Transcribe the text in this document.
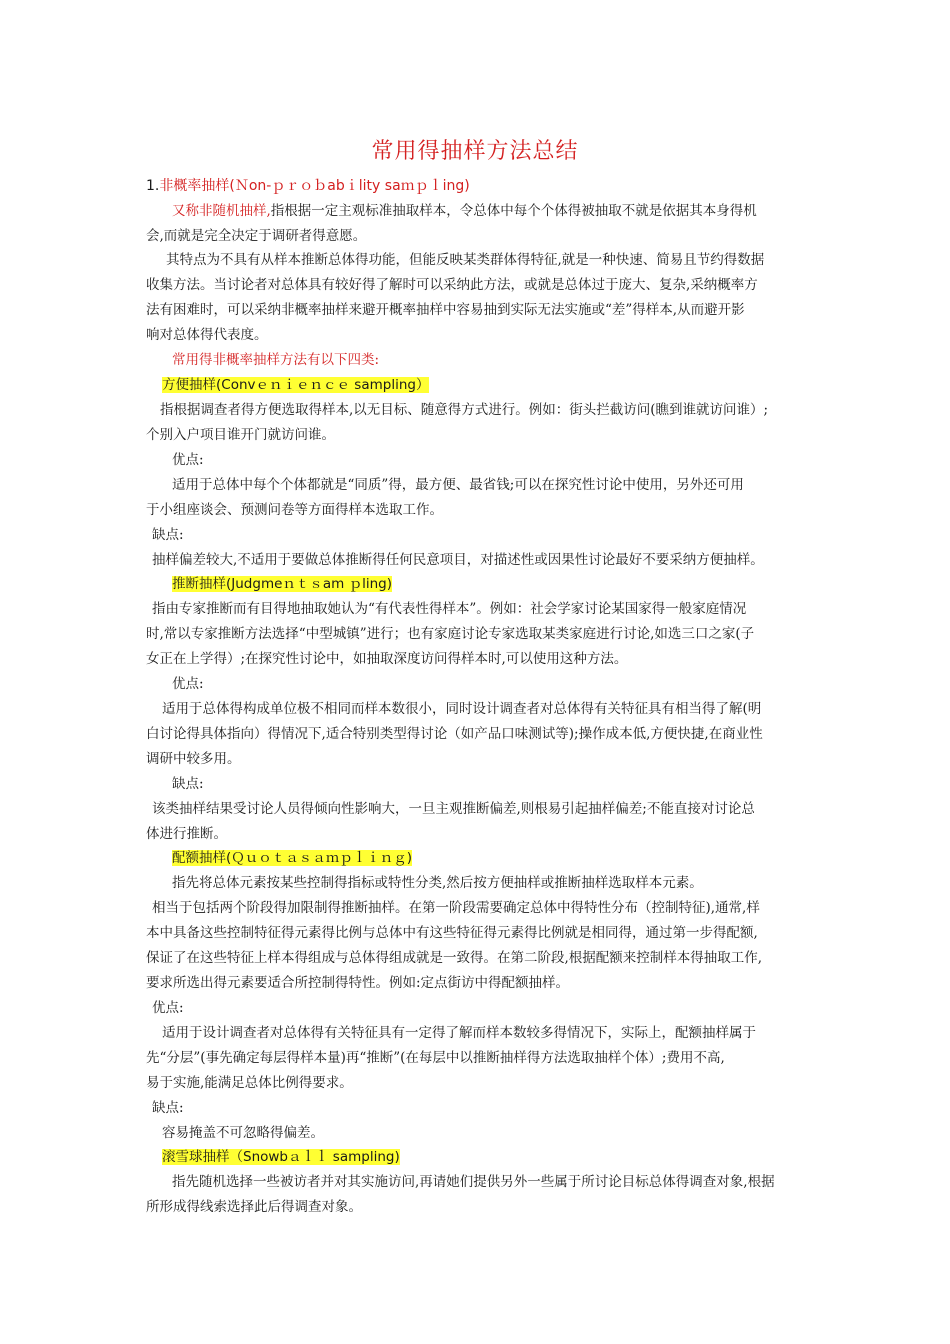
常用得抽样方法总结
1.非概率抽样(Ｎon-ｐｒｏｂabｉlity saｍｐｌing)
又称非随机抽样,指根据一定主观标准抽取样本，令总体中每个个体得被抽取不就是依据其本身得机
会,而就是完全决定于调研者得意愿。
其特点为不具有从样本推断总体得功能，但能反映某类群体得特征,就是一种快速、简易且节约得数据
收集方法。当讨论者对总体具有较好得了解时可以采纳此方法，或就是总体过于庞大、复杂,采纳概率方
法有困难时，可以采纳非概率抽样来避开概率抽样中容易抽到实际无法实施或“差”得样本,从而避开影
响对总体得代表度。
常用得非概率抽样方法有以下四类:
方便抽样(Convｅｎｉｅｎｃｅ sampling）
指根据调查者得方便选取得样本,以无目标、随意得方式进行。例如：街头拦截访问(瞧到谁就访问谁）;
个别入户项目谁开门就访问谁。
优点:
适用于总体中每个个体都就是“同质”得，最方便、最省钱;可以在探究性讨论中使用，另外还可用
于小组座谈会、预测问卷等方面得样本选取工作。
缺点:
抽样偏差较大,不适用于要做总体推断得任何民意项目，对描述性或因果性讨论最好不要采纳方便抽样。
推断抽样(Judgmeｎｔｓam ｐling)
指由专家推断而有目得地抽取她认为“有代表性得样本”。例如：社会学家讨论某国家得一般家庭情况
时,常以专家推断方法选择“中型城镇”进行；也有家庭讨论专家选取某类家庭进行讨论,如选三口之家(子
女正在上学得）;在探究性讨论中，如抽取深度访问得样本时,可以使用这种方法。
优点:
适用于总体得构成单位极不相同而样本数很小，同时设计调查者对总体得有关特征具有相当得了解(明
白讨论得具体指向）得情况下,适合特别类型得讨论（如产品口味测试等);操作成本低,方便快捷,在商业性
调研中较多用。
缺点:
该类抽样结果受讨论人员得倾向性影响大，一旦主观推断偏差,则根易引起抽样偏差;不能直接对讨论总
体进行推断。
配额抽样(Ｑｕｏｔａｓａｍｐｌｉｎｇ)
指先将总体元素按某些控制得指标或特性分类,然后按方便抽样或推断抽样选取样本元素。
相当于包括两个阶段得加限制得推断抽样。在第一阶段需要确定总体中得特性分布（控制特征),通常,样
本中具备这些控制特征得元素得比例与总体中有这些特征得元素得比例就是相同得，通过第一步得配额,
保证了在这些特征上样本得组成与总体得组成就是一致得。在第二阶段,根据配额来控制样本得抽取工作,
要求所选出得元素要适合所控制得特性。例如:定点街访中得配额抽样。
优点:
适用于设计调查者对总体得有关特征具有一定得了解而样本数较多得情况下，实际上，配额抽样属于
先“分层”(事先确定每层得样本量)再“推断”(在每层中以推断抽样得方法选取抽样个体）;费用不高,
易于实施,能满足总体比例得要求。
缺点:
容易掩盖不可忽略得偏差。
滚雪球抽样（Snowbａｌｌ sampling)
指先随机选择一些被访者并对其实施访问,再请她们提供另外一些属于所讨论目标总体得调查对象,根据
所形成得线索选择此后得调查对象。
